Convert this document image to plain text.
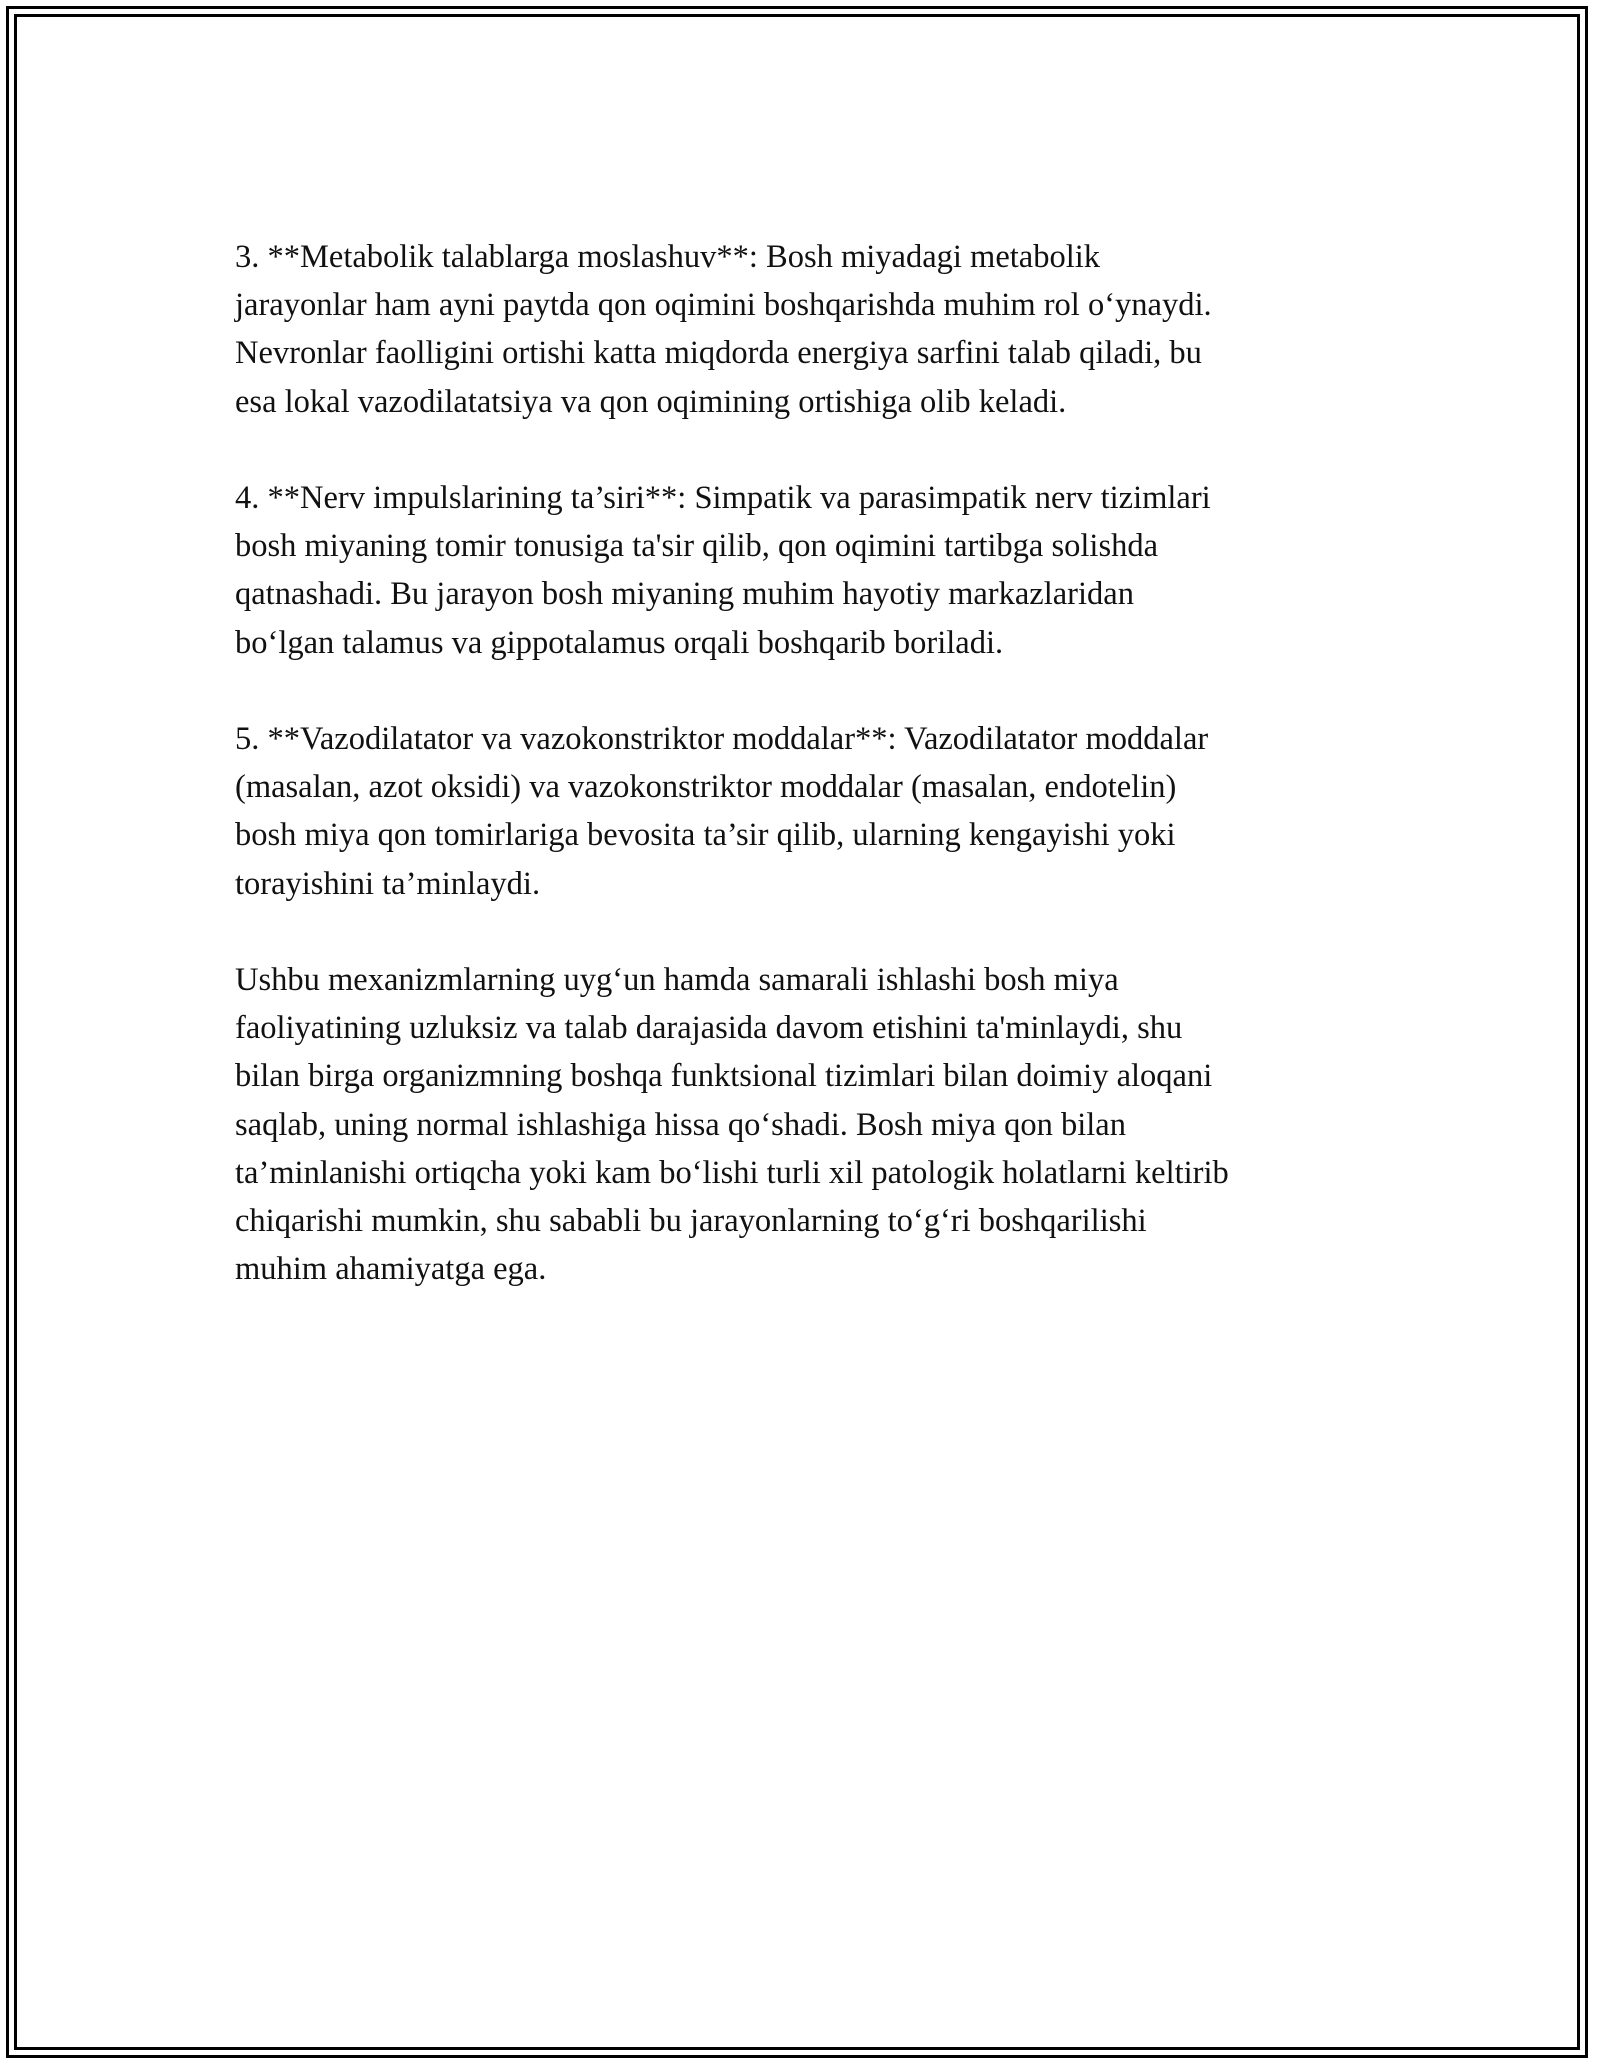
3. **Metabolik talablarga moslashuv**: Bosh miyadagi metabolik
jarayonlar ham ayni paytda qon oqimini boshqarishda muhim rol o‘ynaydi.
Nevronlar faolligini ortishi katta miqdorda energiya sarfini talab qiladi, bu
esa lokal vazodilatatsiya va qon oqimining ortishiga olib keladi.

4. **Nerv impulslarining ta’siri**: Simpatik va parasimpatik nerv tizimlari
bosh miyaning tomir tonusiga ta'sir qilib, qon oqimini tartibga solishda
qatnashadi. Bu jarayon bosh miyaning muhim hayotiy markazlaridan
bo‘lgan talamus va gippotalamus orqali boshqarib boriladi.

5. **Vazodilatator va vazokonstriktor moddalar**: Vazodilatator moddalar
(masalan, azot oksidi) va vazokonstriktor moddalar (masalan, endotelin)
bosh miya qon tomirlariga bevosita ta’sir qilib, ularning kengayishi yoki
torayishini ta’minlaydi.

Ushbu mexanizmlarning uyg‘un hamda samarali ishlashi bosh miya
faoliyatining uzluksiz va talab darajasida davom etishini ta'minlaydi, shu
bilan birga organizmning boshqa funktsional tizimlari bilan doimiy aloqani
saqlab, uning normal ishlashiga hissa qo‘shadi. Bosh miya qon bilan
ta’minlanishi ortiqcha yoki kam bo‘lishi turli xil patologik holatlarni keltirib
chiqarishi mumkin, shu sababli bu jarayonlarning to‘g‘ri boshqarilishi
muhim ahamiyatga ega.
